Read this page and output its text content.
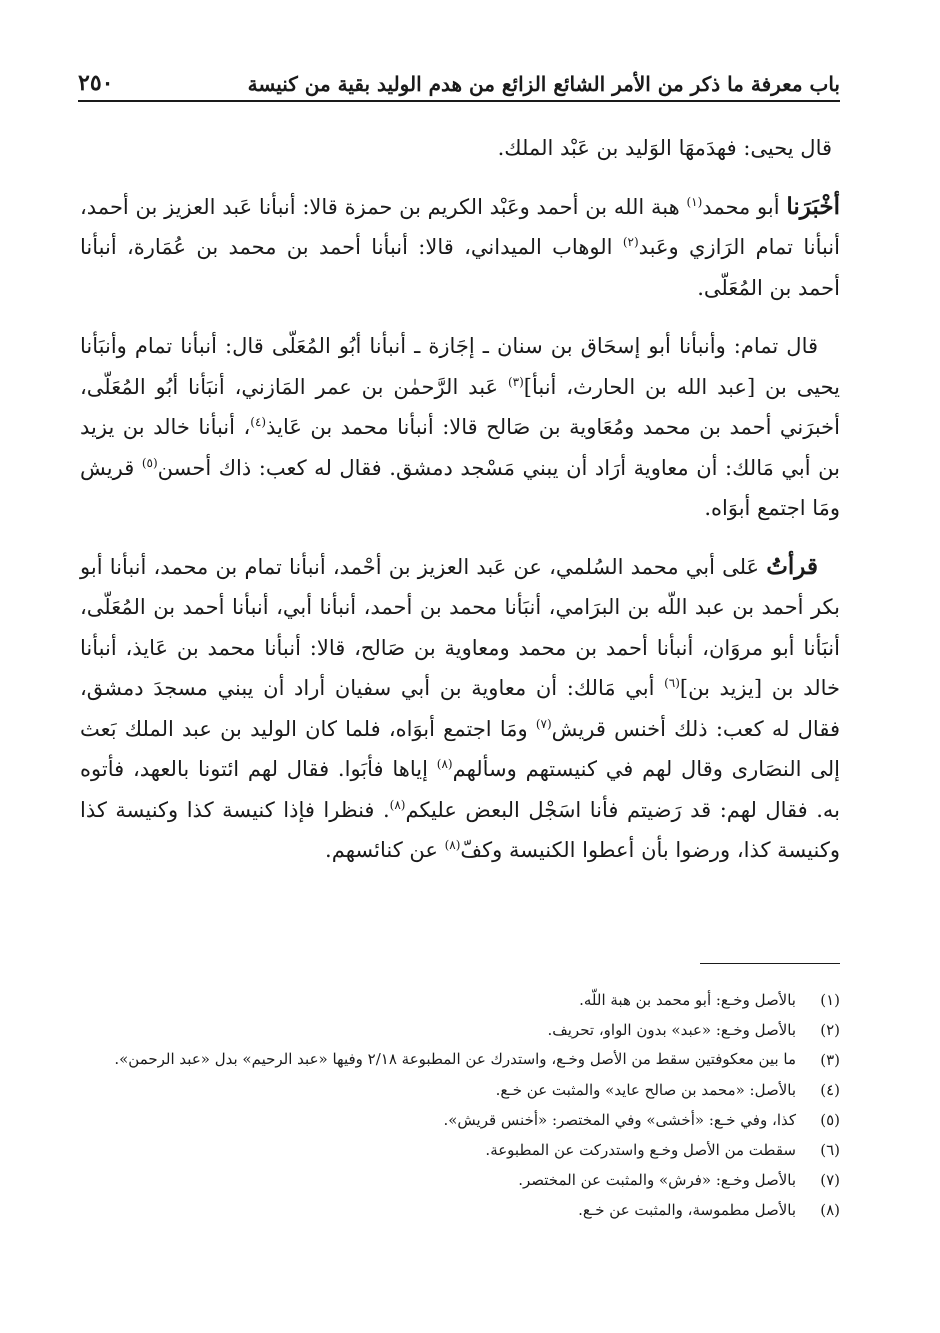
باب معرفة ما ذكر من الأمر الشائع الزائع من هدم الوليد بقية من كنيسة
٢٥٠

قال يحيى: فهدَمهَا الوَليد بن عَبْد الملك.

أخْبَرَنا أبو محمد$^{(١)}$ هبة الله بن أحمد وعَبْد الكريم بن حمزة قالا: أنبأنا عَبد العزيز بن أحمد، أنبأنا تمام الرَازي وعَبد$^{(٢)}$ الوهاب الميداني، قالا: أنبأنا أحمد بن محمد بن عُمَارة، أنبأنا أحمد بن المُعَلّى.

قال تمام: وأنبأنا أبو إسحَاق بن سنان ـ إجَازة ـ أنبأنا أبُو المُعَلّى قال: أنبأنا تمام وأنبَأنا يحيى بن [عبد الله بن الحارث، أنبأ]$^{(٣)}$ عَبد الرَّحمٰن بن عمر المَازني، أنبَأنا أبُو المُعَلّى، أخبرَني أحمد بن محمد ومُعَاوية بن صَالح قالا: أنبأنا محمد بن عَايذ$^{(٤)}$، أنبأنا خالد بن يزيد بن أبي مَالك: أن معاوية أرَاد أن يبني مَسْجد دمشق. فقال له كعب: ذاك أحسن$^{(٥)}$ قريش ومَا اجتمع أبوَاه.

قرأتُ عَلى أبي محمد السُلمي، عن عَبد العزيز بن أحْمد، أنبأنا تمام بن محمد، أنبأنا أبو بكر أحمد بن عبد اللّه بن البرَامي، أنبَأنا محمد بن أحمد، أنبأنا أبي، أنبأنا أحمد بن المُعَلّى، أنبَأنا أبو مروَان، أنبأنا أحمد بن محمد ومعاوية بن صَالح، قالا: أنبأنا محمد بن عَايذ، أنبأنا خالد بن [يزيد بن]$^{(٦)}$ أبي مَالك: أن معاوية بن أبي سفيان أراد أن يبني مسجدَ دمشق، فقال له كعب: ذلك أخنس قريش$^{(٧)}$ ومَا اجتمع أبوَاه، فلما كان الوليد بن عبد الملك بَعث إلى النصَارى وقال لهم في كنيستهم وسألهم$^{(٨)}$ إياها فأبَوا. فقال لهم ائتونا بالعهد، فأتوه به. فقال لهم: قد رَضيتم فأنا اسَجْل البعض عليكم$^{(٨)}$. فنظرا فإذا كنيسة كذا وكنيسة كذا وكنيسة كذا، ورضوا بأن أعطوا الكنيسة وكفّ$^{(٨)}$ عن كنائسهم.

(١)
بالأصل وخـع: أبو محمد بن هبة اللّه.
(٢)
بالأصل وخـع: «عبد» بدون الواو، تحريف.
(٣)
ما بين معكوفتين سقط من الأصل وخـع، واستدرك عن المطبوعة ٢/١٨ وفيها «عبد الرحيم» بدل «عبد الرحمن».
(٤)
بالأصل: «محمد بن صالح عايد» والمثبت عن خـع.
(٥)
كذا، وفي خـع: «أخشى» وفي المختصر: «أخنس قريش».
(٦)
سقطت من الأصل وخـع واستدركت عن المطبوعة.
(٧)
بالأصل وخـع: «فرش» والمثبت عن المختصر.
(٨)
بالأصل مطموسة، والمثبت عن خـع.
